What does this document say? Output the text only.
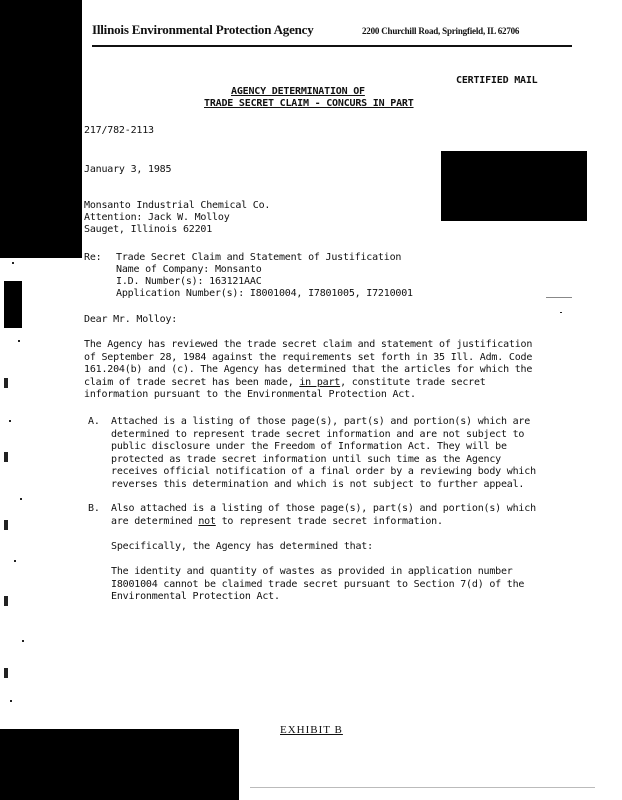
Illinois Environmental Protection Agency	2200 Churchill Road, Springfield, IL 62706
CERTIFIED MAIL
AGENCY DETERMINATION OF
TRADE SECRET CLAIM - CONCURS IN PART
217/782-2113
January 3, 1985
Monsanto Industrial Chemical Co.
Attention: Jack W. Molloy
Sauget, Illinois 62201
Re: Trade Secret Claim and Statement of Justification
Name of Company: Monsanto
I.D. Number(s): 163121AAC
Application Number(s): I8001004, I7801005, I7210001
Dear Mr. Molloy:
The Agency has reviewed the trade secret claim and statement of justification
of September 28, 1984 against the requirements set forth in 35 Ill. Adm. Code
161.204(b) and (c). The Agency has determined that the articles for which the
claim of trade secret has been made, in part, constitute trade secret
information pursuant to the Environmental Protection Act.
A. Attached is a listing of those page(s), part(s) and portion(s) which are
determined to represent trade secret information and are not subject to
public disclosure under the Freedom of Information Act. They will be
protected as trade secret information until such time as the Agency
receives official notification of a final order by a reviewing body which
reverses this determination and which is not subject to further appeal.
B. Also attached is a listing of those page(s), part(s) and portion(s) which
are determined not to represent trade secret information.
Specifically, the Agency has determined that:
The identity and quantity of wastes as provided in application number
I8001004 cannot be claimed trade secret pursuant to Section 7(d) of the
Environmental Protection Act.
EXHIBIT B
